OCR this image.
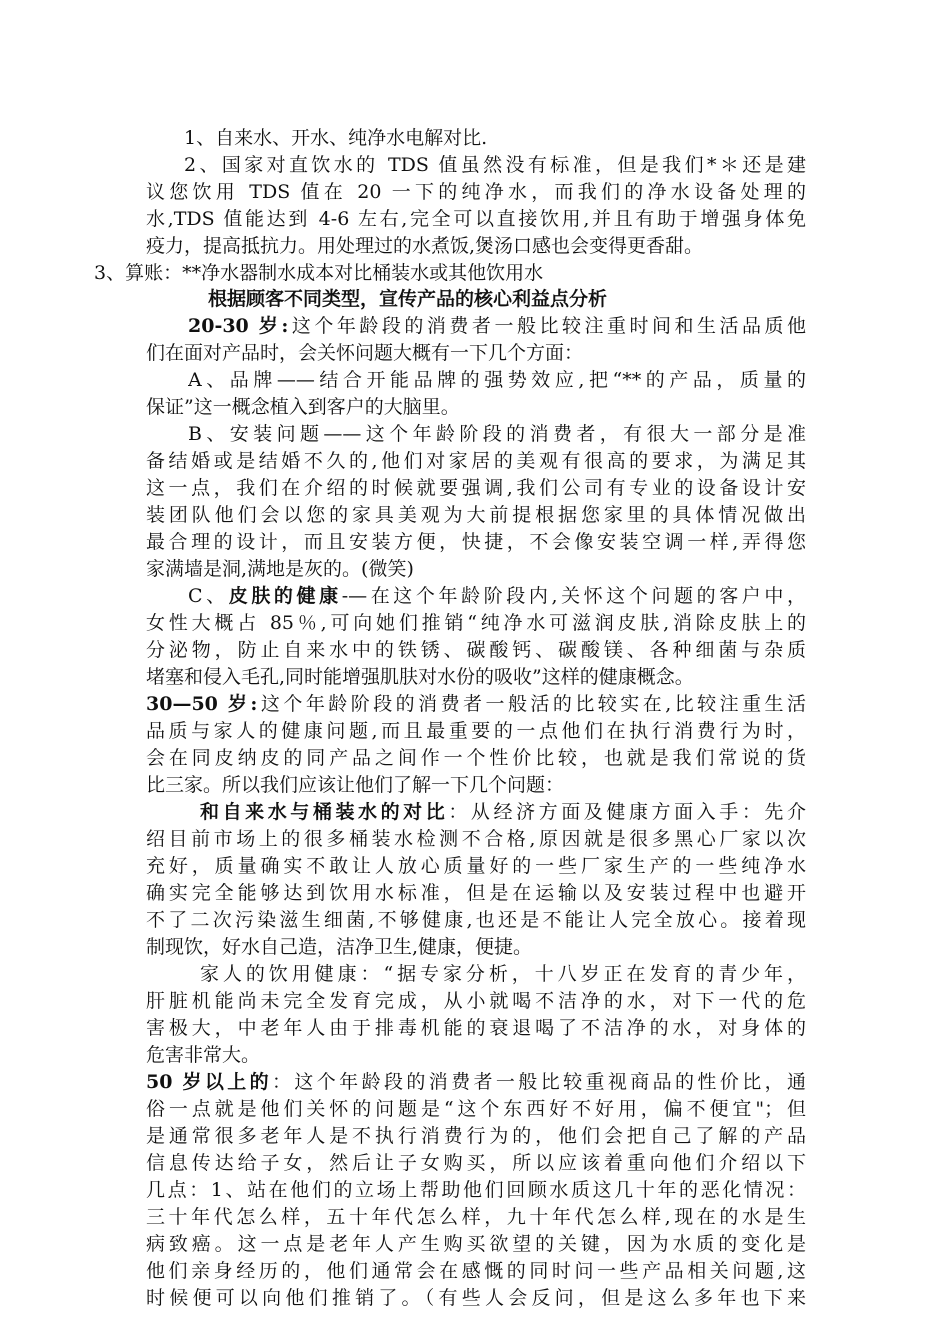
1、自来水、开水、纯净水电解对比.
2、国家对直饮水的 TDS 值虽然没有标准，但是我们*＊还是建
议您饮用 TDS 值在 20 一下的纯净水，而我们的净水设备处理的
水,TDS 值能达到 4-6 左右,完全可以直接饮用,并且有助于增强身体免
疫力，提高抵抗力。用处理过的水煮饭,煲汤口感也会变得更香甜。
3、算账：**净水器制水成本对比桶装水或其他饮用水
根据顾客不同类型，宣传产品的核心利益点分析
20-30 岁:这个年龄段的消费者一般比较注重时间和生活品质他
们在面对产品时，会关怀问题大概有一下几个方面：
A、品牌——结合开能品牌的强势效应,把“**的产品，质量的
保证”这一概念植入到客户的大脑里。
B、安装问题——这个年龄阶段的消费者，有很大一部分是准
备结婚或是结婚不久的,他们对家居的美观有很高的要求，为满足其
这一点，我们在介绍的时候就要强调,我们公司有专业的设备设计安
装团队他们会以您的家具美观为大前提根据您家里的具体情况做出
最合理的设计，而且安装方便，快捷，不会像安装空调一样,弄得您
家满墙是洞,满地是灰的。(微笑)
C、皮肤的健康-—在这个年龄阶段内,关怀这个问题的客户中，
女性大概占 85％,可向她们推销“纯净水可滋润皮肤,消除皮肤上的
分泌物，防止自来水中的铁锈、碳酸钙、碳酸镁、各种细菌与杂质
堵塞和侵入毛孔,同时能增强肌肤对水份的吸收”这样的健康概念。
30—50 岁:这个年龄阶段的消费者一般活的比较实在,比较注重生活
品质与家人的健康问题,而且最重要的一点他们在执行消费行为时，
会在同皮纳皮的同产品之间作一个性价比较，也就是我们常说的货
比三家。所以我们应该让他们了解一下几个问题：
和自来水与桶装水的对比：从经济方面及健康方面入手：先介
绍目前市场上的很多桶装水检测不合格,原因就是很多黑心厂家以次
充好，质量确实不敢让人放心质量好的一些厂家生产的一些纯净水
确实完全能够达到饮用水标准，但是在运输以及安装过程中也避开
不了二次污染滋生细菌,不够健康,也还是不能让人完全放心。接着现
制现饮，好水自己造，洁净卫生,健康，便捷。
家人的饮用健康：“据专家分析，十八岁正在发育的青少年，
肝脏机能尚未完全发育完成，从小就喝不洁净的水，对下一代的危
害极大，中老年人由于排毒机能的衰退喝了不洁净的水，对身体的
危害非常大。
50 岁以上的：这个年龄段的消费者一般比较重视商品的性价比，通
俗一点就是他们关怀的问题是“这个东西好不好用，偏不便宜"；但
是通常很多老年人是不执行消费行为的，他们会把自己了解的产品
信息传达给子女，然后让子女购买，所以应该着重向他们介绍以下
几点：1、站在他们的立场上帮助他们回顾水质这几十年的恶化情况：
三十年代怎么样，五十年代怎么样，九十年代怎么样,现在的水是生
病致癌。这一点是老年人产生购买欲望的关键，因为水质的变化是
他们亲身经历的，他们通常会在感慨的同时问一些产品相关问题,这
时候便可以向他们推销了。（有些人会反问，但是这么多年也下来
